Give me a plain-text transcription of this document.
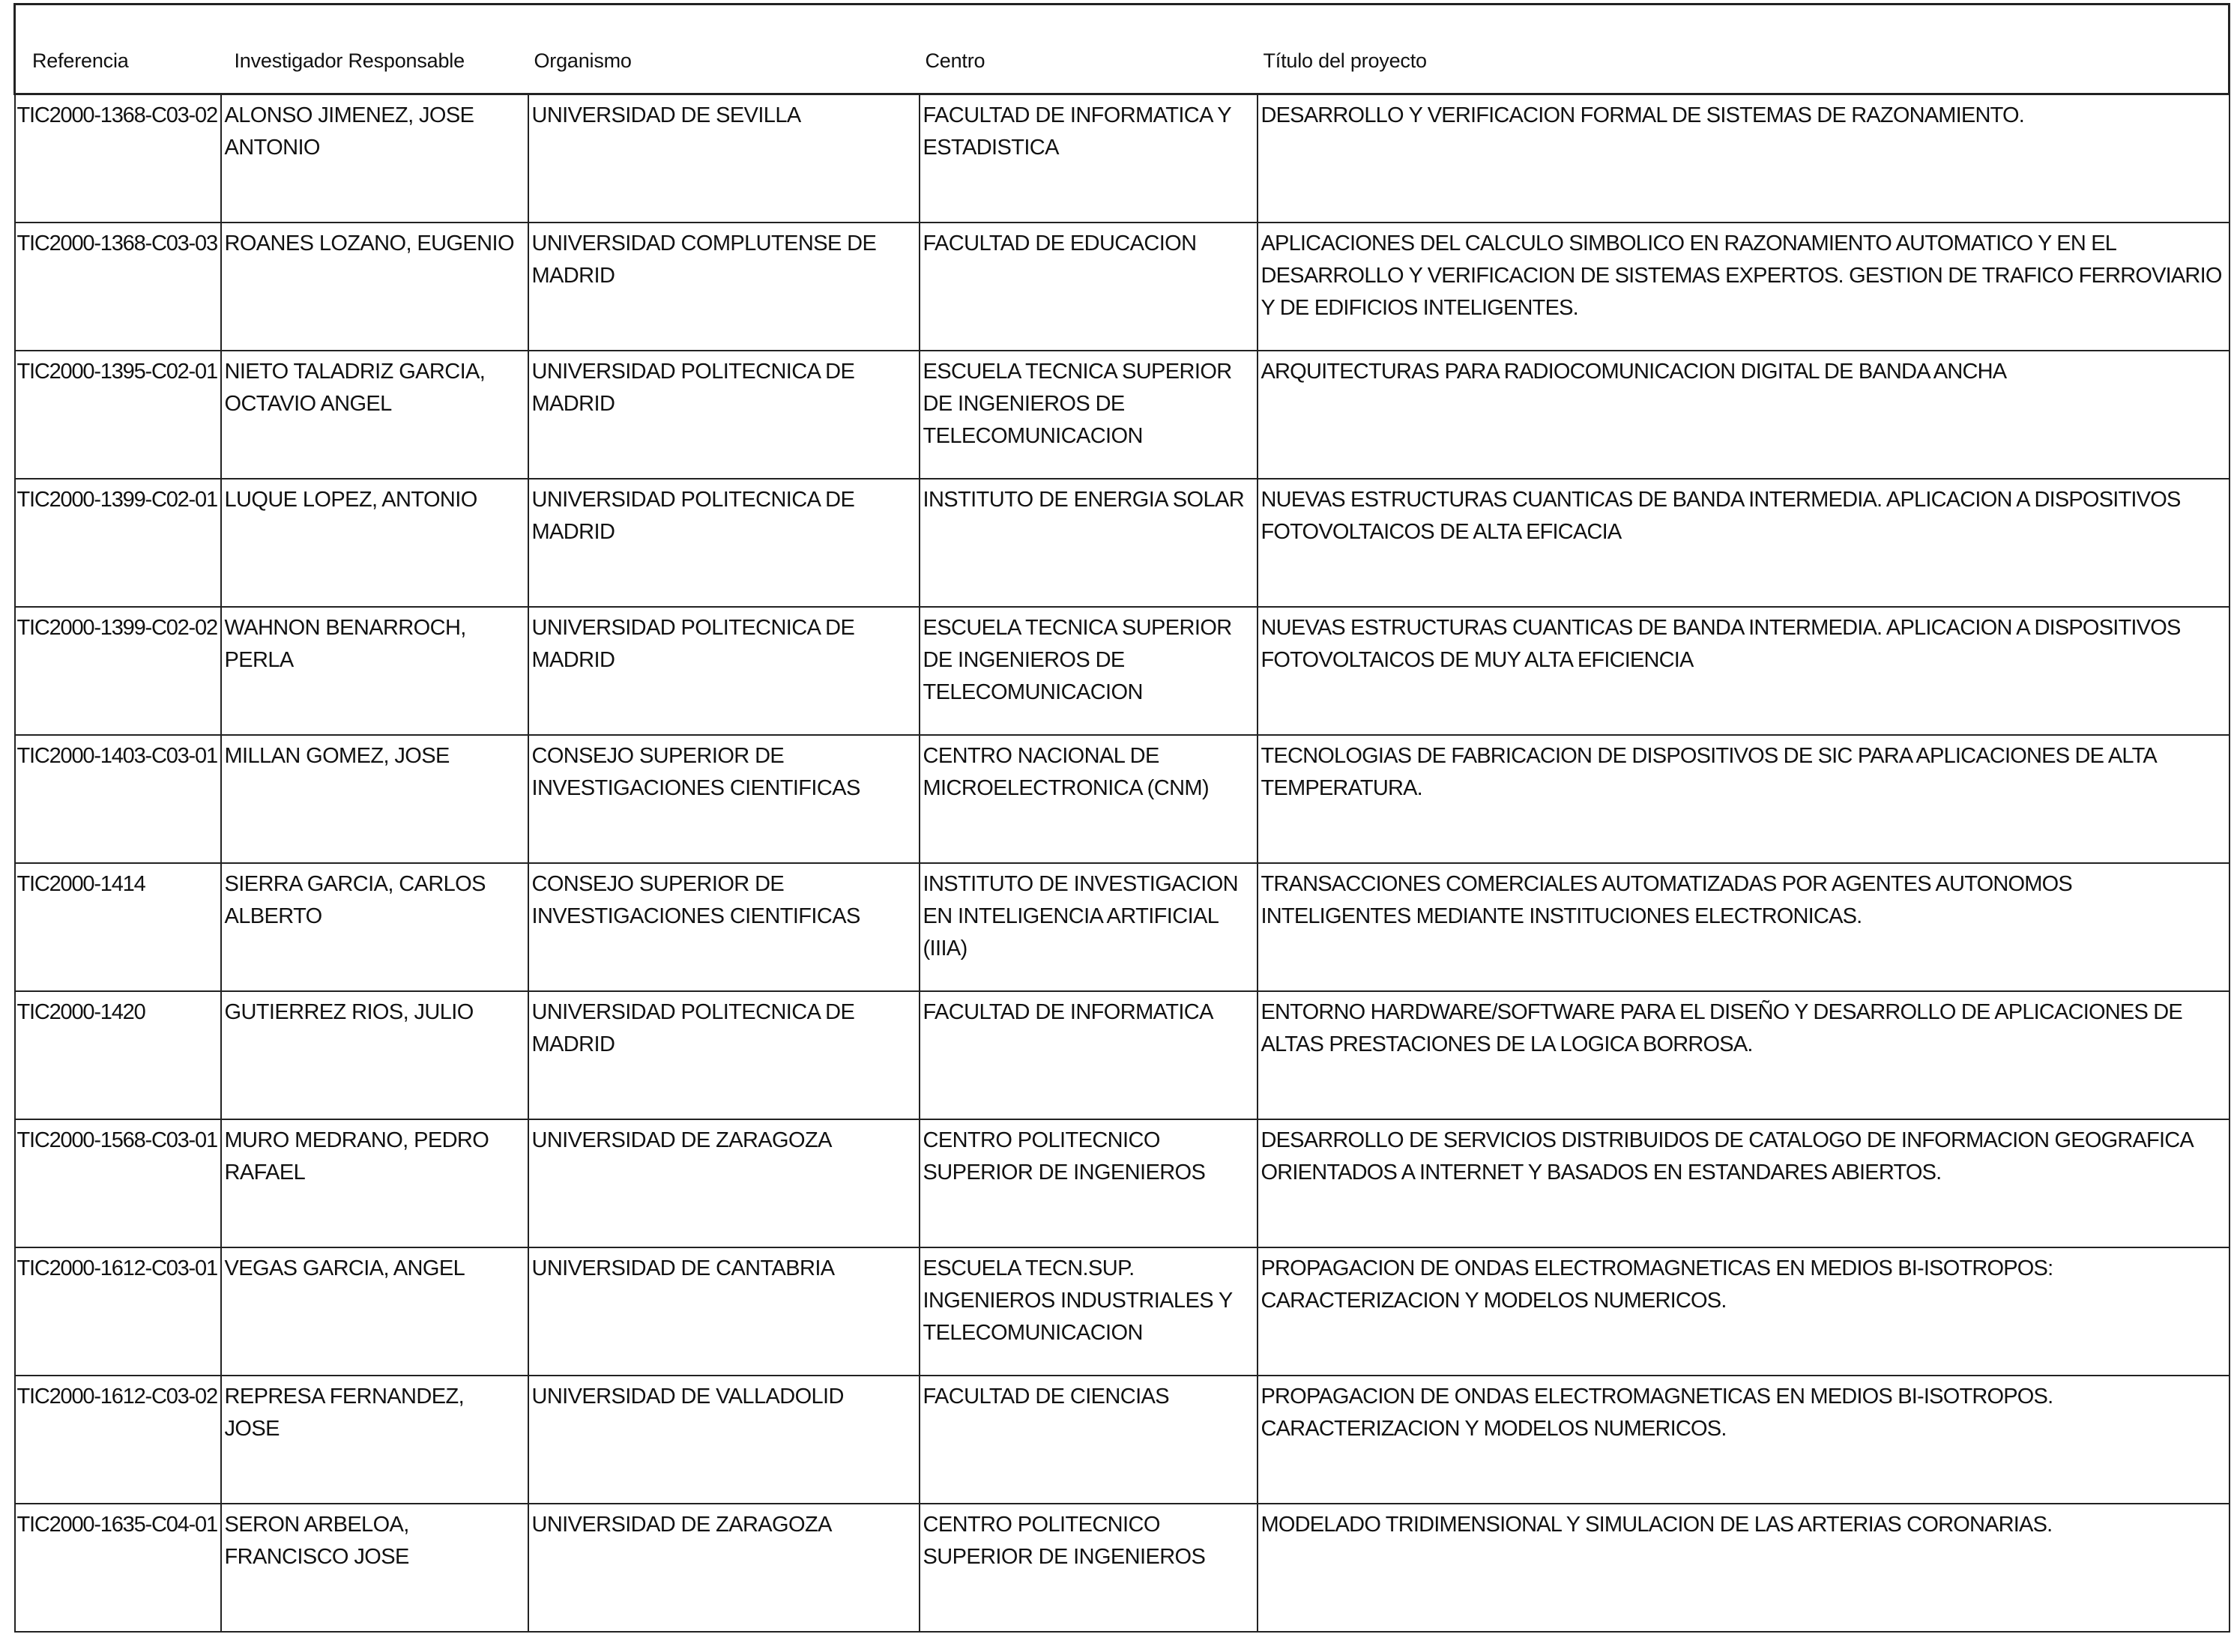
Referencia	Investigador Responsable	Organismo	Centro	Título del proyecto
TIC2000-1368-C03-02	ALONSO JIMENEZ, JOSE ANTONIO	UNIVERSIDAD DE SEVILLA	FACULTAD DE INFORMATICA Y ESTADISTICA	DESARROLLO Y VERIFICACION FORMAL DE SISTEMAS DE RAZONAMIENTO.
TIC2000-1368-C03-03	ROANES LOZANO, EUGENIO	UNIVERSIDAD COMPLUTENSE DE MADRID	FACULTAD DE EDUCACION	APLICACIONES DEL CALCULO SIMBOLICO EN RAZONAMIENTO AUTOMATICO Y EN EL DESARROLLO Y VERIFICACION DE SISTEMAS EXPERTOS. GESTION DE TRAFICO FERROVIARIO Y DE EDIFICIOS INTELIGENTES.
TIC2000-1395-C02-01	NIETO TALADRIZ GARCIA, OCTAVIO ANGEL	UNIVERSIDAD POLITECNICA DE MADRID	ESCUELA TECNICA SUPERIOR DE INGENIEROS DE TELECOMUNICACION	ARQUITECTURAS PARA RADIOCOMUNICACION DIGITAL DE BANDA ANCHA
TIC2000-1399-C02-01	LUQUE LOPEZ, ANTONIO	UNIVERSIDAD POLITECNICA DE MADRID	INSTITUTO DE ENERGIA SOLAR	NUEVAS ESTRUCTURAS CUANTICAS DE BANDA INTERMEDIA. APLICACION A DISPOSITIVOS FOTOVOLTAICOS DE ALTA EFICACIA
TIC2000-1399-C02-02	WAHNON BENARROCH, PERLA	UNIVERSIDAD POLITECNICA DE MADRID	ESCUELA TECNICA SUPERIOR DE INGENIEROS DE TELECOMUNICACION	NUEVAS ESTRUCTURAS CUANTICAS DE BANDA INTERMEDIA. APLICACION A DISPOSITIVOS FOTOVOLTAICOS DE MUY ALTA EFICIENCIA
TIC2000-1403-C03-01	MILLAN GOMEZ, JOSE	CONSEJO SUPERIOR DE INVESTIGACIONES CIENTIFICAS	CENTRO NACIONAL DE MICROELECTRONICA (CNM)	TECNOLOGIAS DE FABRICACION DE DISPOSITIVOS DE SIC PARA APLICACIONES DE ALTA TEMPERATURA.
TIC2000-1414	SIERRA GARCIA, CARLOS ALBERTO	CONSEJO SUPERIOR DE INVESTIGACIONES CIENTIFICAS	INSTITUTO DE INVESTIGACION EN INTELIGENCIA ARTIFICIAL (IIIA)	TRANSACCIONES COMERCIALES AUTOMATIZADAS POR AGENTES AUTONOMOS INTELIGENTES MEDIANTE INSTITUCIONES ELECTRONICAS.
TIC2000-1420	GUTIERREZ RIOS, JULIO	UNIVERSIDAD POLITECNICA DE MADRID	FACULTAD DE INFORMATICA	ENTORNO HARDWARE/SOFTWARE PARA EL DISEÑO Y DESARROLLO DE APLICACIONES DE ALTAS PRESTACIONES DE LA LOGICA BORROSA.
TIC2000-1568-C03-01	MURO MEDRANO, PEDRO RAFAEL	UNIVERSIDAD DE ZARAGOZA	CENTRO POLITECNICO SUPERIOR DE INGENIEROS	DESARROLLO DE SERVICIOS DISTRIBUIDOS DE CATALOGO DE INFORMACION GEOGRAFICA ORIENTADOS A INTERNET Y BASADOS EN ESTANDARES ABIERTOS.
TIC2000-1612-C03-01	VEGAS GARCIA, ANGEL	UNIVERSIDAD DE CANTABRIA	ESCUELA TECN.SUP. INGENIEROS INDUSTRIALES Y TELECOMUNICACION	PROPAGACION DE ONDAS ELECTROMAGNETICAS EN MEDIOS BI-ISOTROPOS: CARACTERIZACION Y MODELOS NUMERICOS.
TIC2000-1612-C03-02	REPRESA FERNANDEZ, JOSE	UNIVERSIDAD DE VALLADOLID	FACULTAD DE CIENCIAS	PROPAGACION DE ONDAS ELECTROMAGNETICAS EN MEDIOS BI-ISOTROPOS. CARACTERIZACION Y MODELOS NUMERICOS.
TIC2000-1635-C04-01	SERON ARBELOA, FRANCISCO JOSE	UNIVERSIDAD DE ZARAGOZA	CENTRO POLITECNICO SUPERIOR DE INGENIEROS	MODELADO TRIDIMENSIONAL Y SIMULACION DE LAS ARTERIAS CORONARIAS.
